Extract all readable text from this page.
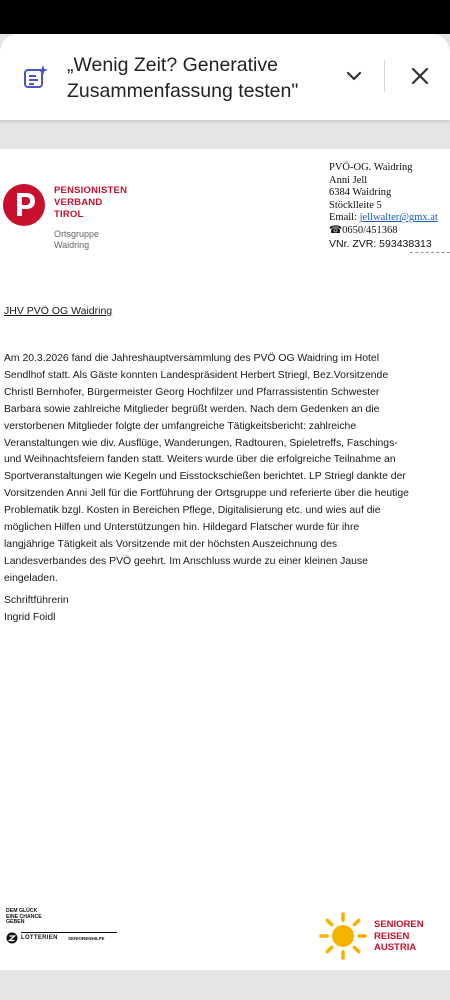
„Wenig Zeit? Generative
Zusammenfassung testen"
PENSIONISTEN
VERBAND
TIROL
Ortsgruppe
Waidring
PVÖ-OG. Waidring
Anni Jell
6384 Waidring
Stöcklleite 5
Email: jellwalter@gmx.at
☎0650/451368
VNr. ZVR: 593438313
JHV PVÖ OG Waidring
Am 20.3.2026 fand die Jahreshauptversammlung des PVÖ OG Waidring im Hotel
Sendlhof statt. Als Gäste konnten Landespräsident Herbert Striegl, Bez.Vorsitzende
Christl Bernhofer, Bürgermeister Georg Hochfilzer und Pfarrassistentin Schwester
Barbara sowie zahlreiche Mitglieder begrüßt werden. Nach dem Gedenken an die
verstorbenen Mitglieder folgte der umfangreiche Tätigkeitsbericht: zahlreiche
Veranstaltungen wie div. Ausflüge, Wanderungen, Radtouren, Spieletreffs, Faschings-
und Weihnachtsfeiern fanden statt. Weiters wurde über die erfolgreiche Teilnahme an
Sportveranstaltungen wie Kegeln und Eisstockschießen berichtet. LP Striegl dankte der
Vorsitzenden Anni Jell für die Fortführung der Ortsgruppe und referierte über die heutige
Problematik bzgl. Kosten in Bereichen Pflege, Digitalisierung etc. und wies auf die
möglichen Hilfen und Unterstützungen hin. Hildegard Flatscher wurde für ihre
langjährige Tätigkeit als Vorsitzende mit der höchsten Auszeichnung des
Landesverbandes des PVÖ geehrt. Im Anschluss wurde zu einer kleinen Jause
eingeladen.
Schriftführerin
Ingrid Foidl
DEM GLÜCK
EINE CHANCE
GEBEN
LOTTERIEN SENIORENHILFE
SENIOREN
REISEN
AUSTRIA
